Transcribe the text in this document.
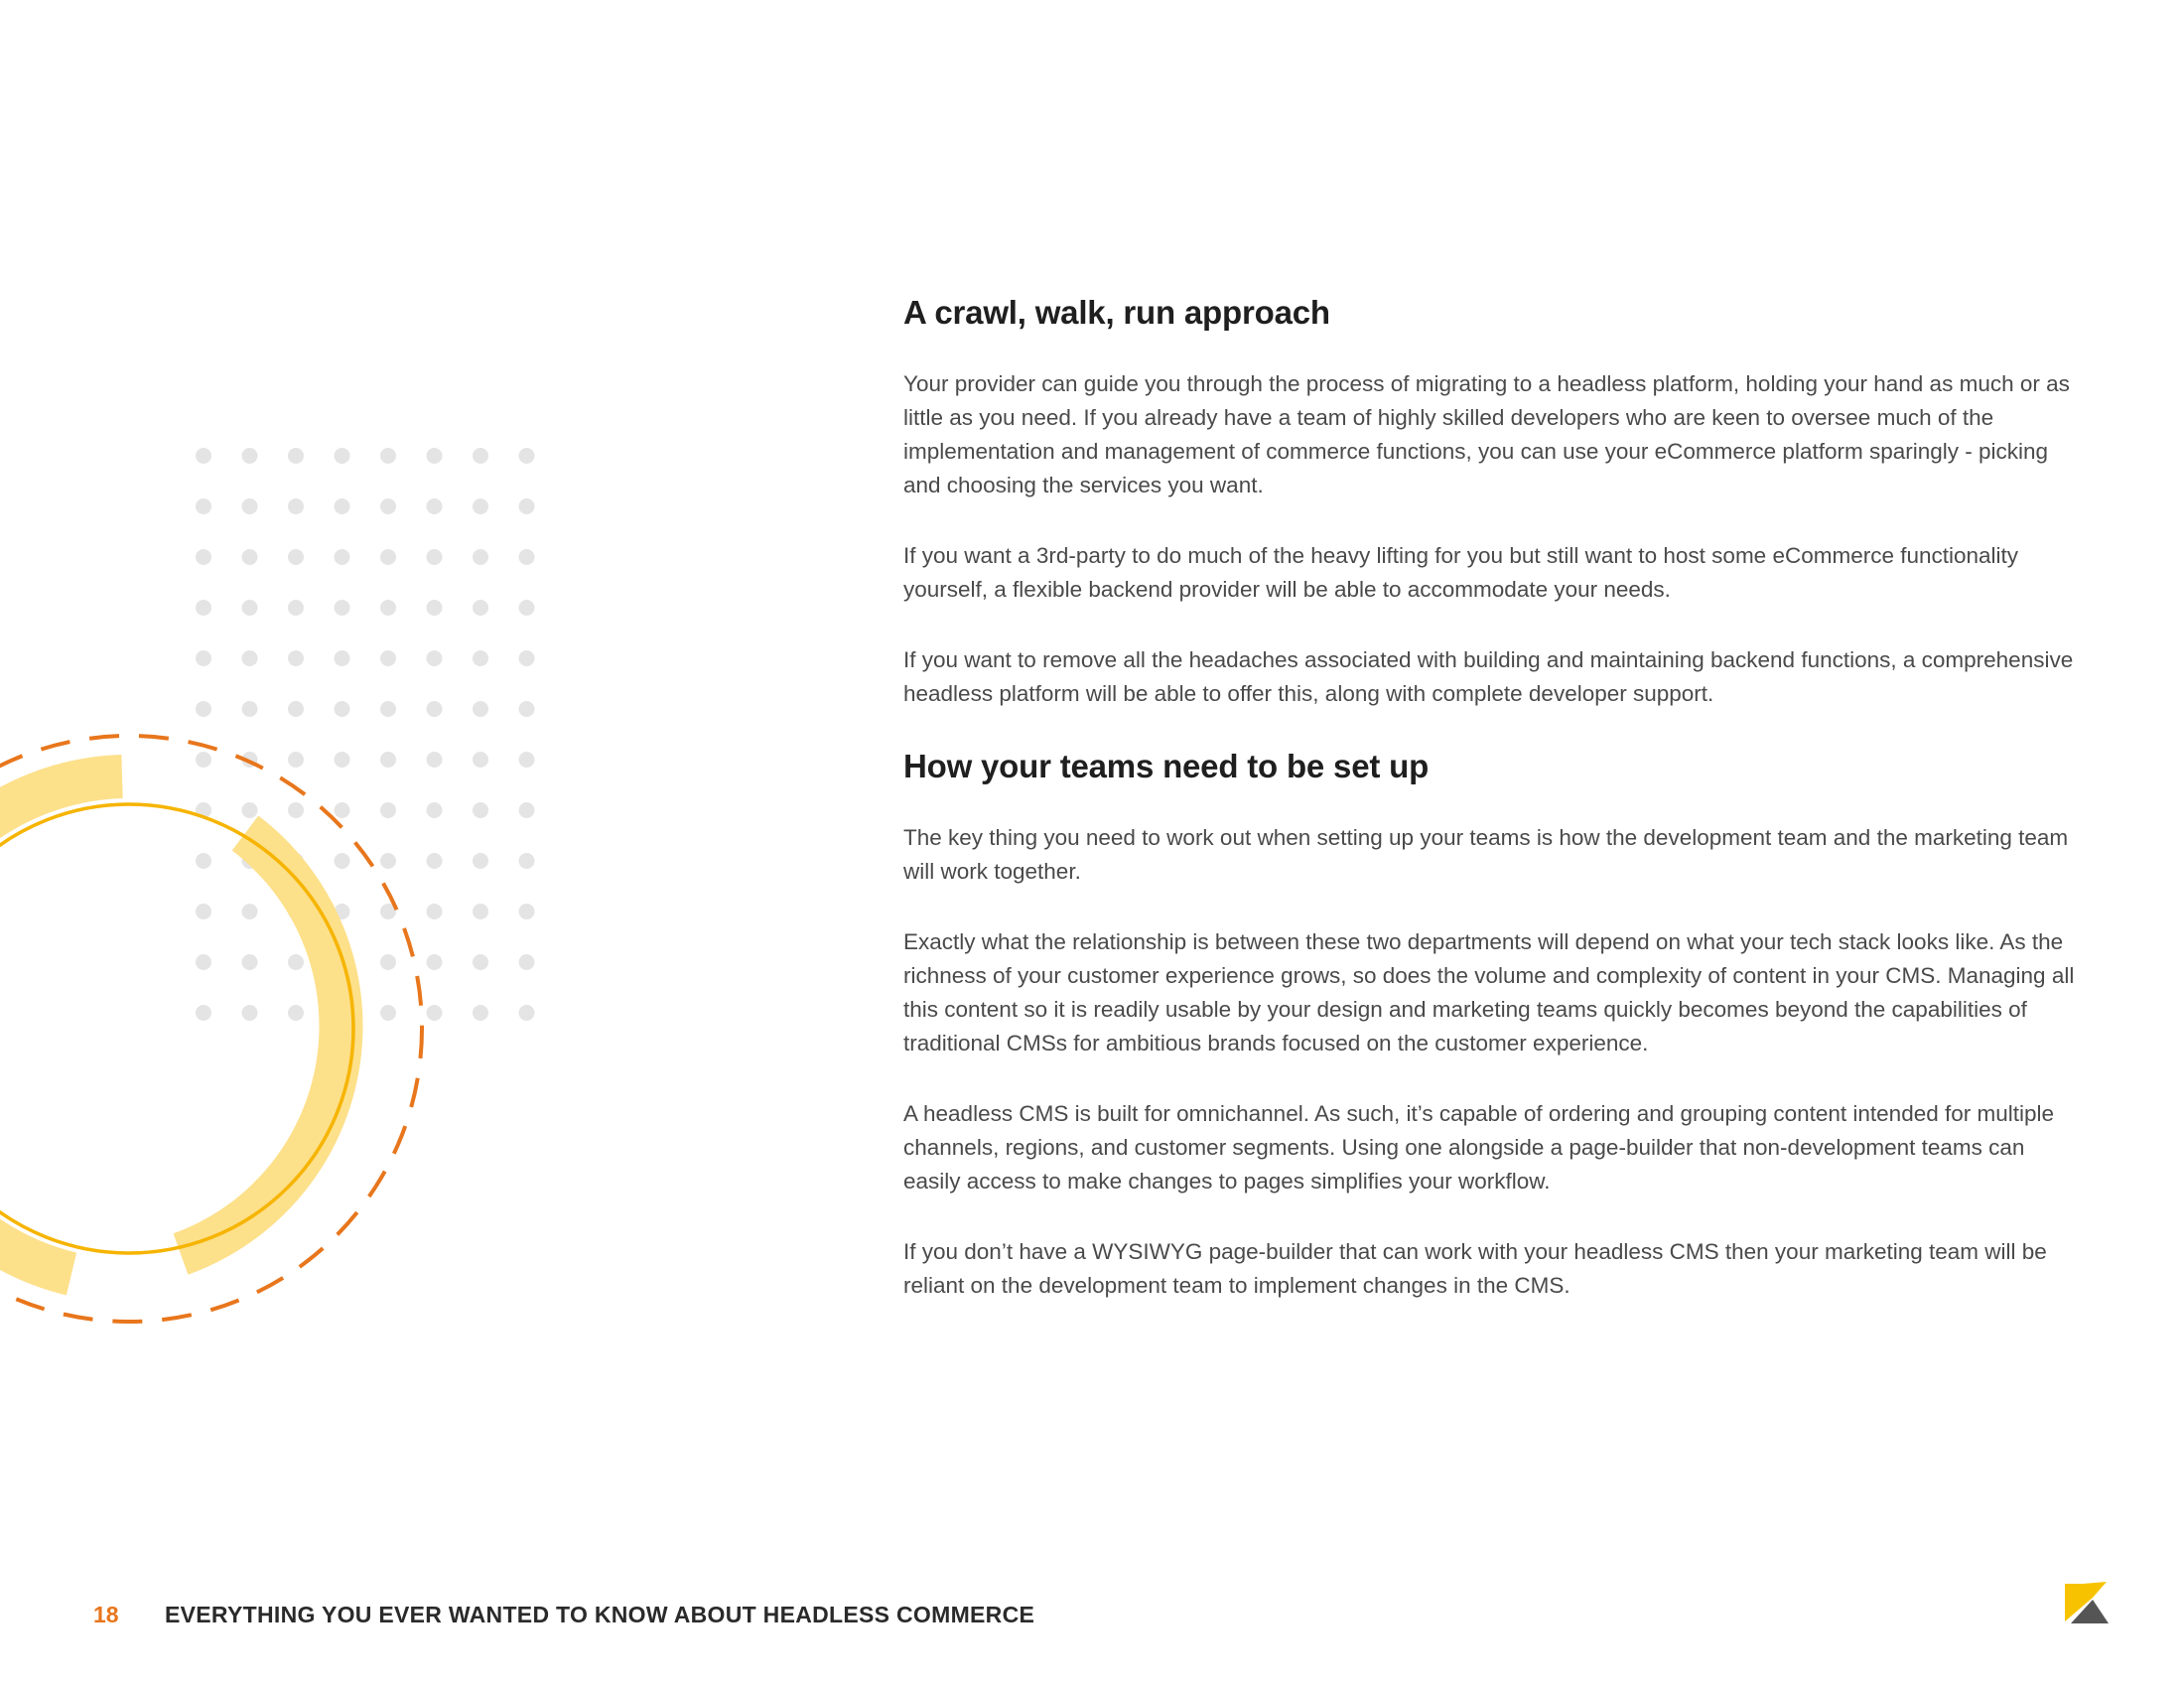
A crawl, walk, run approach

Your provider can guide you through the process of migrating to a headless platform, holding your hand as much or as little as you need. If you already have a team of highly skilled developers who are keen to oversee much of the implementation and management of commerce functions, you can use your eCommerce platform sparingly - picking and choosing the services you want.

If you want a 3rd-party to do much of the heavy lifting for you but still want to host some eCommerce functionality yourself, a flexible backend provider will be able to accommodate your needs.

If you want to remove all the headaches associated with building and maintaining backend functions, a comprehensive headless platform will be able to offer this, along with complete developer support.

How your teams need to be set up

The key thing you need to work out when setting up your teams is how the development team and the marketing team will work together.

Exactly what the relationship is between these two departments will depend on what your tech stack looks like. As the richness of your customer experience grows, so does the volume and complexity of content in your CMS. Managing all this content so it is readily usable by your design and marketing teams quickly becomes beyond the capabilities of traditional CMSs for ambitious brands focused on the customer experience.

A headless CMS is built for omnichannel. As such, it’s capable of ordering and grouping content intended for multiple channels, regions, and customer segments. Using one alongside a page-builder that non-development teams can easily access to make changes to pages simplifies your workflow.

If you don’t have a WYSIWYG page-builder that can work with your headless CMS then your marketing team will be reliant on the development team to implement changes in the CMS.

18 EVERYTHING YOU EVER WANTED TO KNOW ABOUT HEADLESS COMMERCE
